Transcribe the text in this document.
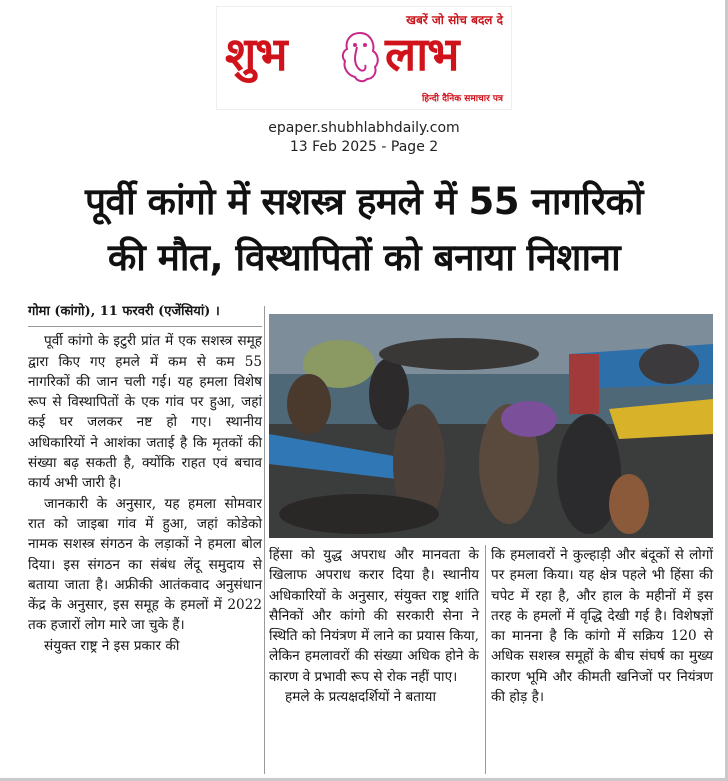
खबरें जो सोच बदल दे
शुभ लाभ
हिन्दी दैनिक समाचार पत्र
epaper.shubhlabhdaily.com
13 Feb 2025 - Page 2
पूर्वी कांगो में सशस्त्र हमले में 55 नागरिकों
की मौत, विस्थापितों को बनाया निशाना

गोमा (कांगो), 11 फरवरी (एजेंसियां) ।

पूर्वी कांगो के इटुरी प्रांत में एक सशस्त्र समूह द्वारा किए गए हमले में कम से कम 55 नागरिकों की जान चली गई। यह हमला विशेष रूप से विस्थापितों के एक गांव पर हुआ, जहां कई घर जलकर नष्ट हो गए। स्थानीय अधिकारियों ने आशंका जताई है कि मृतकों की संख्या बढ़ सकती है, क्योंकि राहत एवं बचाव कार्य अभी जारी है।

जानकारी के अनुसार, यह हमला सोमवार रात को जाइबा गांव में हुआ, जहां कोडेको नामक सशस्त्र संगठन के लड़ाकों ने हमला बोल दिया। इस संगठन का संबंध लेंदू समुदाय से बताया जाता है। अफ्रीकी आतंकवाद अनुसंधान केंद्र के अनुसार, इस समूह के हमलों में 2022 तक हजारों लोग मारे जा चुके हैं।

संयुक्त राष्ट्र ने इस प्रकार की

हिंसा को युद्ध अपराध और मानवता के खिलाफ अपराध करार दिया है। स्थानीय अधिकारियों के अनुसार, संयुक्त राष्ट्र शांति सैनिकों और कांगो की सरकारी सेना ने स्थिति को नियंत्रण में लाने का प्रयास किया, लेकिन हमलावरों की संख्या अधिक होने के कारण वे प्रभावी रूप से रोक नहीं पाए।

हमले के प्रत्यक्षदर्शियों ने बताया

कि हमलावरों ने कुल्हाड़ी और बंदूकों से लोगों पर हमला किया। यह क्षेत्र पहले भी हिंसा की चपेट में रहा है, और हाल के महीनों में इस तरह के हमलों में वृद्धि देखी गई है। विशेषज्ञों का मानना है कि कांगो में सक्रिय 120 से अधिक सशस्त्र समूहों के बीच संघर्ष का मुख्य कारण भूमि और कीमती खनिजों पर नियंत्रण की होड़ है।
